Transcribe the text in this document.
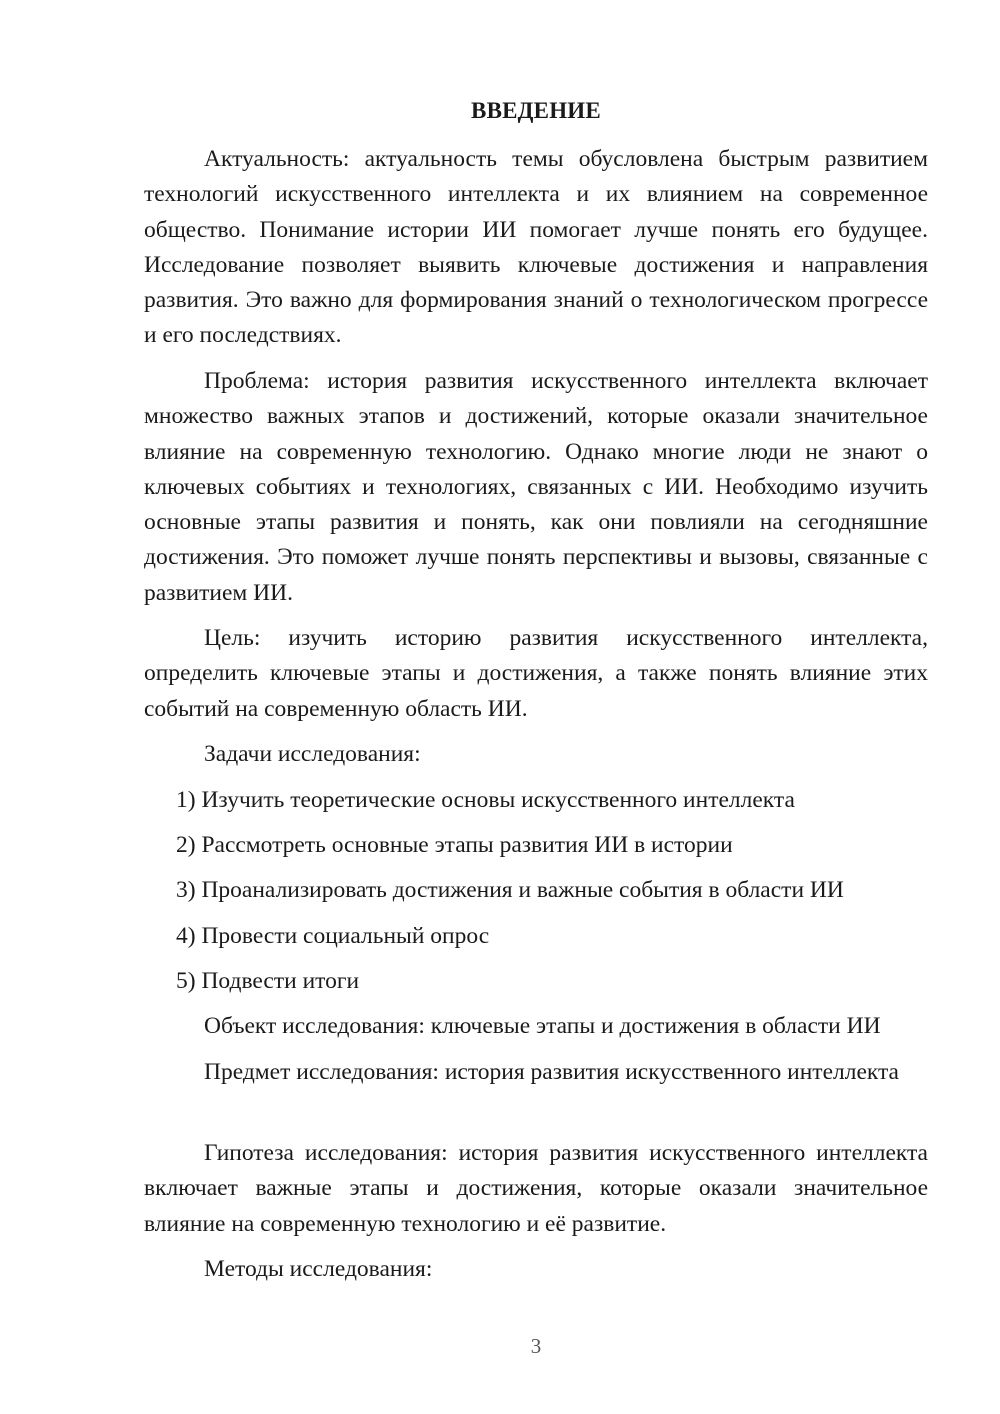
ВВЕДЕНИЕ

Актуальность: актуальность темы обусловлена быстрым развитием технологий искусственного интеллекта и их влиянием на современное общество. Понимание истории ИИ помогает лучше понять его будущее. Исследование позволяет выявить ключевые достижения и направления развития. Это важно для формирования знаний о технологическом прогрессе и его последствиях.

Проблема: история развития искусственного интеллекта включает множество важных этапов и достижений, которые оказали значительное влияние на современную технологию. Однако многие люди не знают о ключевых событиях и технологиях, связанных с ИИ. Необходимо изучить основные этапы развития и понять, как они повлияли на сегодняшние достижения. Это поможет лучше понять перспективы и вызовы, связанные с развитием ИИ.

Цель: изучить историю развития искусственного интеллекта, определить ключевые этапы и достижения, а также понять влияние этих событий на современную область ИИ.

Задачи исследования:

1) Изучить теоретические основы искусственного интеллекта

2) Рассмотреть основные этапы развития ИИ в истории

3) Проанализировать достижения и важные события в области ИИ

4) Провести социальный опрос

5) Подвести итоги

Объект исследования: ключевые этапы и достижения в области ИИ

Предмет исследования: история развития искусственного интеллекта

Гипотеза исследования: история развития искусственного интеллекта включает важные этапы и достижения, которые оказали значительное влияние на современную технологию и её развитие.

Методы исследования:

3
